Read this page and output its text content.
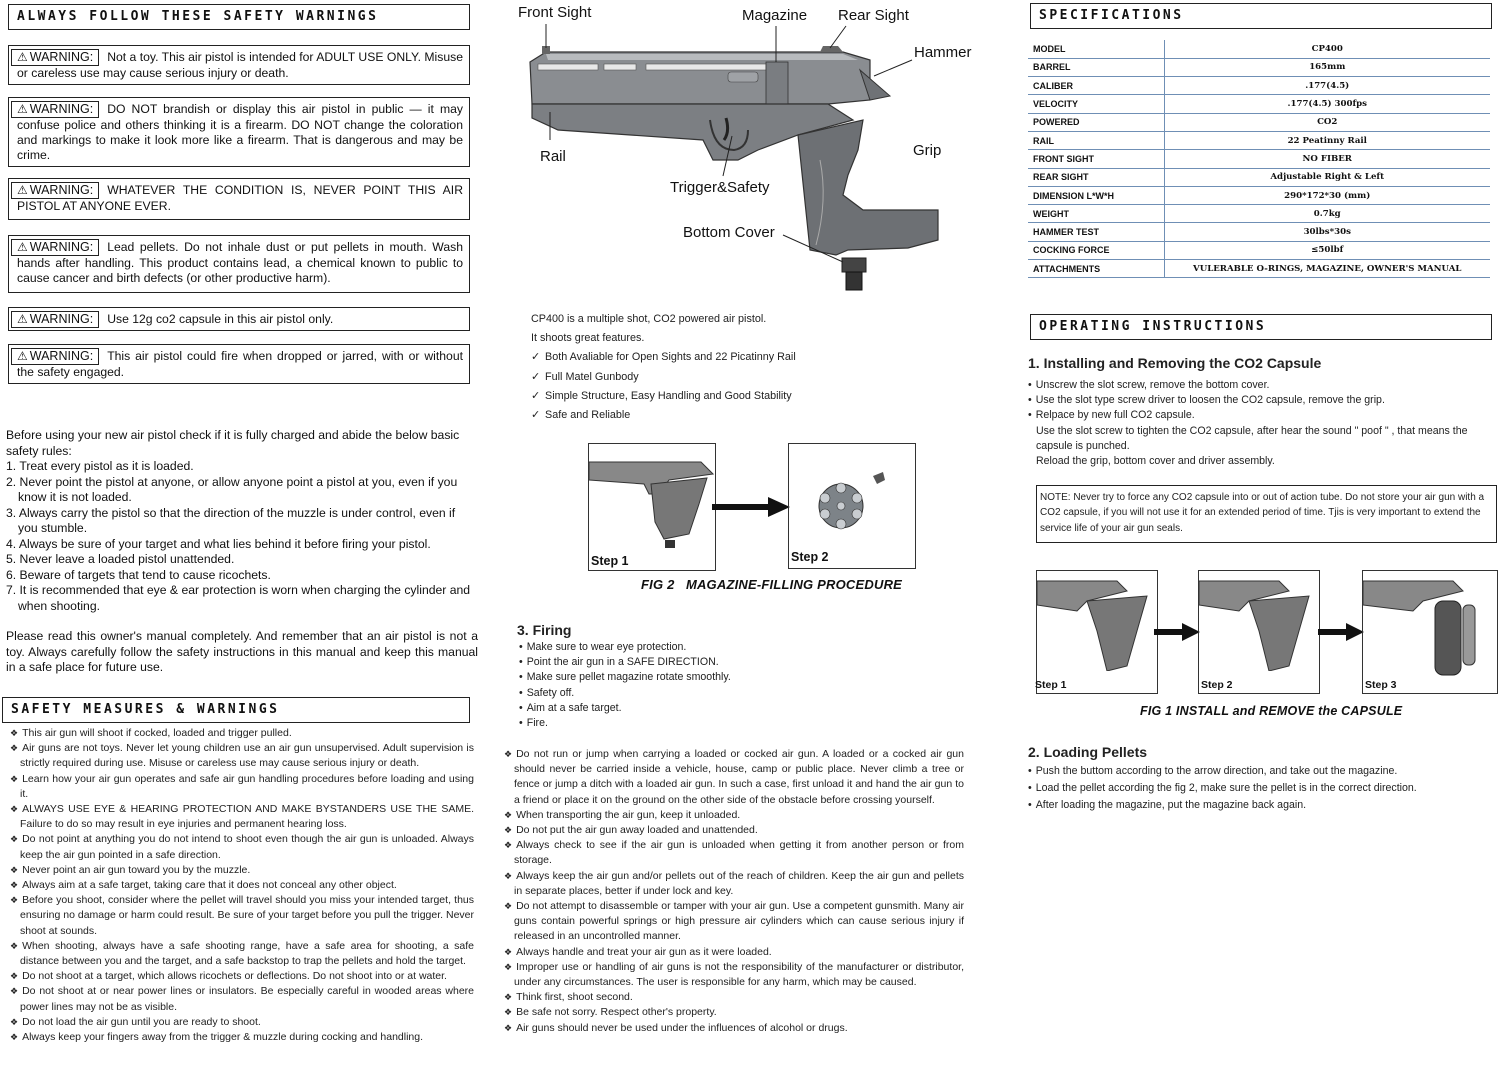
ALWAYS FOLLOW THESE SAFETY WARNINGS
⚠ WARNING: Not a toy. This air pistol is intended for ADULT USE ONLY. Misuse or careless use may cause serious injury or death.
⚠ WARNING: DO NOT brandish or display this air pistol in public — it may confuse police and others thinking it is a firearm. DO NOT change the coloration and markings to make it look more like a firearm. That is dangerous and may be crime.
⚠ WARNING: WHATEVER THE CONDITION IS, NEVER POINT THIS AIR PISTOL AT ANYONE EVER.
⚠ WARNING: Lead pellets. Do not inhale dust or put pellets in mouth. Wash hands after handling. This product contains lead, a chemical known to public to cause cancer and birth defects (or other productive harm).
⚠ WARNING: Use 12g co2 capsule in this air pistol only.
⚠ WARNING: This air pistol could fire when dropped or jarred, with or without the safety engaged.

Before using your new air pistol check if it is fully charged and abide the below basic safety rules:

1. Treat every pistol as it is loaded.
2. Never point the pistol at anyone, or allow anyone point a pistol at you, even if you know it is not loaded.
3. Always carry the pistol so that the direction of the muzzle is under control, even if you stumble.
4. Always be sure of your target and what lies behind it before firing your pistol.
5. Never leave a loaded pistol unattended.
6. Beware of targets that tend to cause ricochets.
7. It is recommended that eye & ear protection is worn when charging the cylinder and when shooting.

Please read this owner's manual completely. And remember that an air pistol is not a toy. Always carefully follow the safety instructions in this manual and keep this manual in a safe place for future use.

SAFETY MEASURES & WARNINGS
❖ This air gun will shoot if cocked, loaded and trigger pulled.
❖ Air guns are not toys. Never let young children use an air gun unsupervised. Adult supervision is strictly required during use. Misuse or careless use may cause serious injury or death.
❖ Learn how your air gun operates and safe air gun handling procedures before loading and using it.
❖ ALWAYS USE EYE & HEARING PROTECTION AND MAKE BYSTANDERS USE THE SAME. Failure to do so may result in eye injuries and permanent hearing loss.
❖ Do not point at anything you do not intend to shoot even though the air gun is unloaded. Always keep the air gun pointed in a safe direction.
❖ Never point an air gun toward you by the muzzle.
❖ Always aim at a safe target, taking care that it does not conceal any other object.
❖ Before you shoot, consider where the pellet will travel should you miss your intended target, thus ensuring no damage or harm could result. Be sure of your target before you pull the trigger. Never shoot at sounds.
❖ When shooting, always have a safe shooting range, have a safe area for shooting, a safe distance between you and the target, and a safe backstop to trap the pellets and hold the target.
❖ Do not shoot at a target, which allows ricochets or deflections. Do not shoot into or at water.
❖ Do not shoot at or near power lines or insulators. Be especially careful in wooded areas where power lines may not be as visible.
❖ Do not load the air gun until you are ready to shoot.
❖ Always keep your fingers away from the trigger & muzzle during cocking and handling.
Front Sight	Magazine Rear Sight
Hammer
Rail	Grip
Trigger&Safety
Bottom Cover
CP400 is a multiple shot, CO2 powered air pistol.
It shoots great features.
✓ Both Avaliable for Open Sights and 22 Picatinny Rail
✓ Full Matel Gunbody
✓ Simple Structure, Easy Handling and Good Stability
✓ Safe and Reliable
Step 1	Step 2
FIG 2   MAGAZINE-FILLING PROCEDURE
3. Firing
• Make sure to wear eye protection.
• Point the air gun in a SAFE DIRECTION.
• Make sure pellet magazine rotate smoothly.
• Safety off.
• Aim at a safe target.
• Fire.
❖ Do not run or jump when carrying a loaded or cocked air gun. A loaded or a cocked air gun should never be carried inside a vehicle, house, camp or public place. Never climb a tree or fence or jump a ditch with a loaded air gun. In such a case, first unload it and hand the air gun to a friend or place it on the ground on the other side of the obstacle before crossing yourself.
❖ When transporting the air gun, keep it unloaded.
❖ Do not put the air gun away loaded and unattended.
❖ Always check to see if the air gun is unloaded when getting it from another person or from storage.
❖ Always keep the air gun and/or pellets out of the reach of children. Keep the air gun and pellets in separate places, better if under lock and key.
❖ Do not attempt to disassemble or tamper with your air gun. Use a competent gunsmith. Many air guns contain powerful springs or high pressure air cylinders which can cause serious injury if released in an uncontrolled manner.
❖ Always handle and treat your air gun as it were loaded.
❖ Improper use or handling of air guns is not the responsibility of the manufacturer or distributor, under any circumstances. The user is responsible for any harm, which may be caused.
❖ Think first, shoot second.
❖ Be safe not sorry. Respect other's property.
❖ Air guns should never be used under the influences of alcohol or drugs.
SPECIFICATIONS
MODEL	CP400
BARREL	165mm
CALIBER	.177(4.5)
VELOCITY	.177(4.5) 300fps
POWERED	CO2
RAIL	22 Peatinny Rail
FRONT SIGHT	NO FIBER
REAR SIGHT	Adjustable Right & Left
DIMENSION L*W*H	290*172*30 (mm)
WEIGHT	0.7kg
HAMMER TEST	30lbs*30s
COCKING FORCE	≤50lbf
ATTACHMENTS	VULERABLE O-RINGS, MAGAZINE, OWNER'S MANUAL
OPERATING INSTRUCTIONS
1. Installing and Removing the CO2 Capsule
• Unscrew the slot screw, remove the bottom cover.
• Use the slot type screw driver to loosen the CO2 capsule, remove the grip.
• Relpace by new full CO2 capsule.
Use the slot screw to tighten the CO2 capsule, after hear the sound " poof " , that means the capsule is punched.
Reload the grip, bottom cover and driver assembly.
NOTE: Never try to force any CO2 capsule into or out of action tube. Do not store your air gun with a CO2 capsule, if you will not use it for an extended period of time. Tjis is very important to extend the service life of your air gun seals.
Step 1	Step 2	Step 3
FIG 1 INSTALL and REMOVE the CAPSULE
2. Loading Pellets
• Push the buttom according to the arrow direction, and take out the magazine.
• Load the pellet according the fig 2, make sure the pellet is in the correct direction.
• After loading the magazine, put the magazine back again.
